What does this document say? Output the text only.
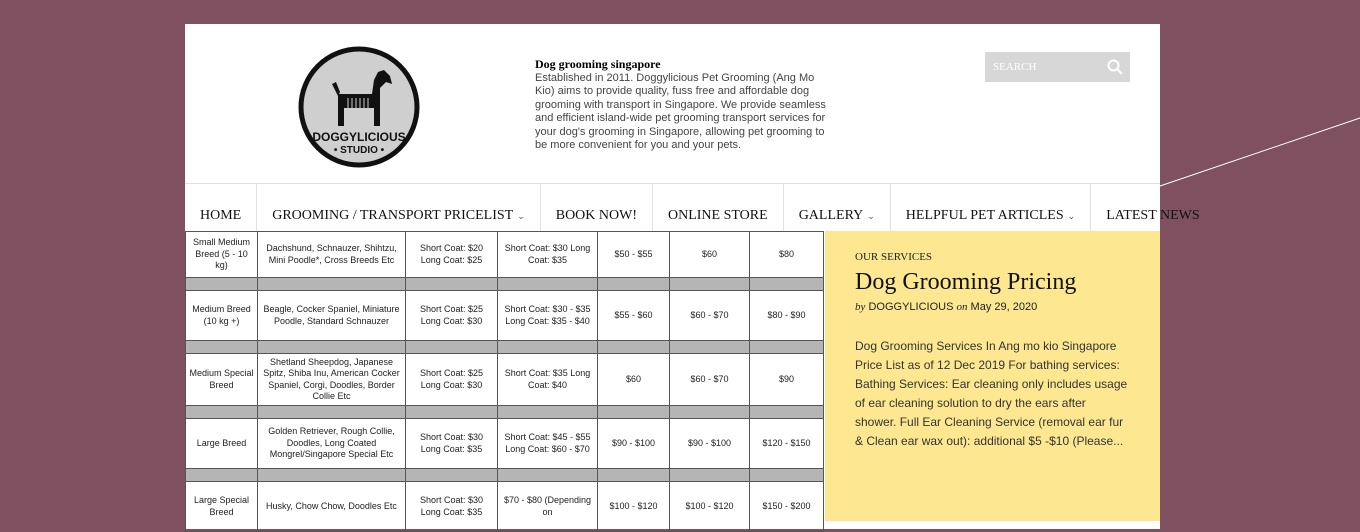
DOGGYLICIOUS
• STUDIO •
Dog grooming singapore
Established in 2011. Doggylicious Pet Grooming (Ang Mo Kio) aims to provide quality, fuss free and affordable dog grooming with transport in Singapore. We provide seamless and efficient island-wide pet grooming transport services for your dog's grooming in Singapore, allowing pet grooming to be more convenient for you and your pets.
SEARCH
HOME GROOMING / TRANSPORT PRICELIST ⌄ BOOK NOW! ONLINE STORE GALLERY ⌄ HELPFUL PET ARTICLES ⌄ LATEST NEWS
Small Medium Breed (5 - 10 kg)	Dachshund, Schnauzer, Shihtzu, Mini Poodle*, Cross Breeds Etc	Short Coat: $20 Long Coat: $25	Short Coat: $30 Long Coat: $35	$50 - $55	$60	$80

Medium Breed (10 kg +)	Beagle, Cocker Spaniel, Miniature Poodle, Standard Schnauzer	Short Coat: $25 Long Coat: $30	Short Coat: $30 - $35 Long Coat: $35 - $40	$55 - $60	$60 - $70	$80 - $90

Medium Special Breed	Shetland Sheepdog, Japanese Spitz, Shiba Inu, American Cocker Spaniel, Corgi, Doodles, Border Collie Etc	Short Coat: $25 Long Coat: $30	Short Coat: $35 Long Coat: $40	$60	$60 - $70	$90

Large Breed	Golden Retriever, Rough Collie, Doodles, Long Coated Mongrel/Singapore Special Etc	Short Coat: $30 Long Coat: $35	Short Coat: $45 - $55 Long Coat: $60 - $70	$90 - $100	$90 - $100	$120 - $150

Large Special Breed	Husky, Chow Chow, Doodles Etc	Short Coat: $30 Long Coat: $35	$70 - $80 (Depending on	$100 - $120	$100 - $120	$150 - $200
OUR SERVICES
Dog Grooming Pricing
by DOGGYLICIOUS on May 29, 2020
Dog Grooming Services In Ang mo kio Singapore Price List as of 12 Dec 2019 For bathing services: Bathing Services: Ear cleaning only includes usage of ear cleaning solution to dry the ears after shower. Full Ear Cleaning Service (removal ear fur & Clean ear wax out): additional $5 -$10 (Please...
